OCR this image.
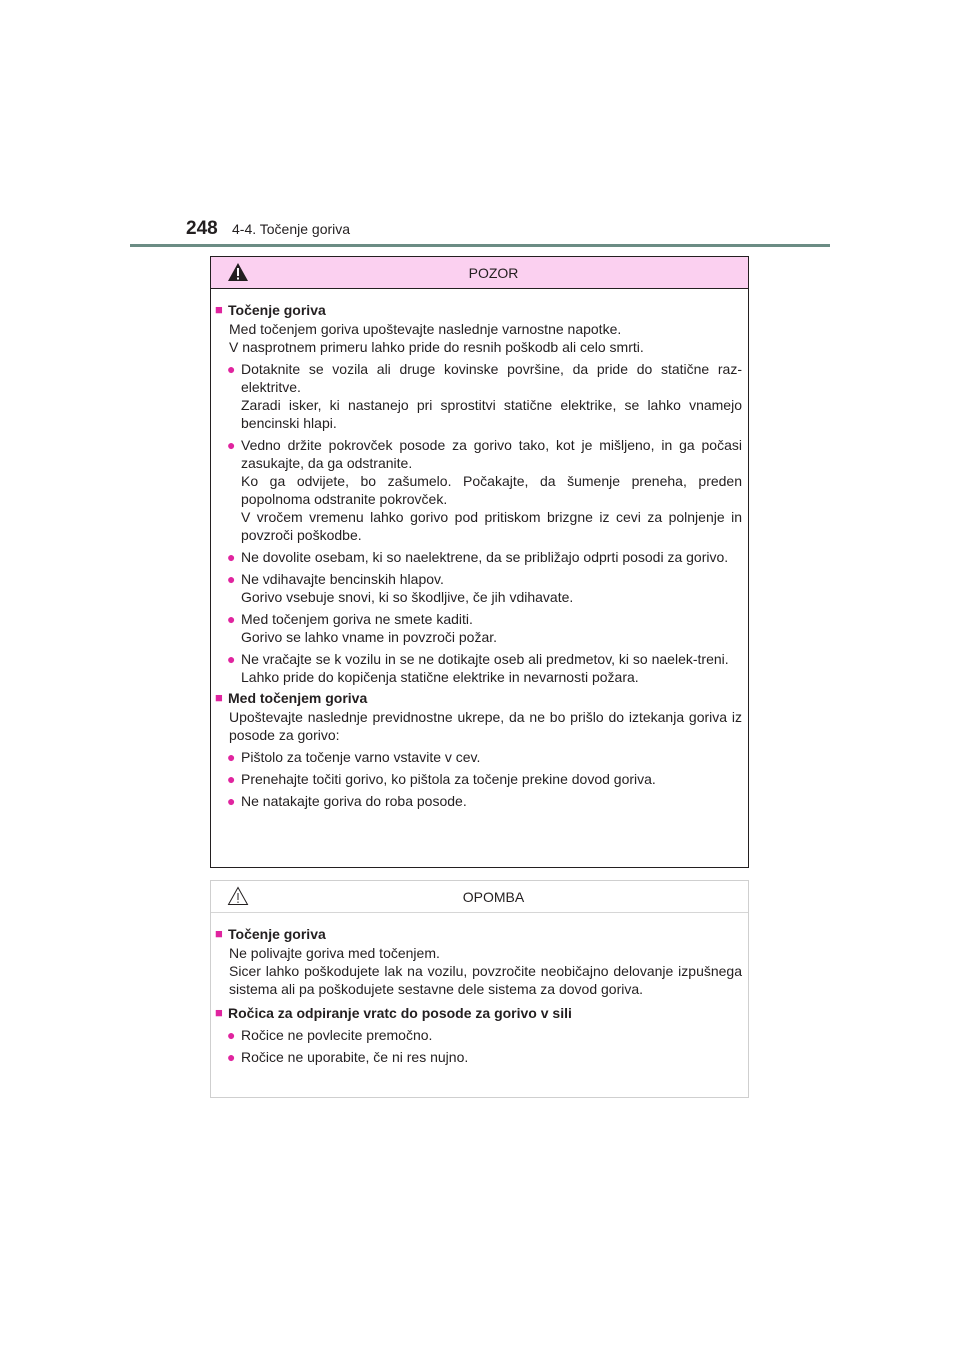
248 4-4. Točenje goriva
POZOR
■ Točenje goriva
Med točenjem goriva upoštevajte naslednje varnostne napotke.
V nasprotnem primeru lahko pride do resnih poškodb ali celo smrti.
● Dotaknite se vozila ali druge kovinske površine, da pride do statične raz-elektritve.
Zaradi isker, ki nastanejo pri sprostitvi statične elektrike, se lahko vnamejo bencinski hlapi.
● Vedno držite pokrovček posode za gorivo tako, kot je mišljeno, in ga počasi zasukajte, da ga odstranite.
Ko ga odvijete, bo zašumelo. Počakajte, da šumenje preneha, preden popolnoma odstranite pokrovček.
V vročem vremenu lahko gorivo pod pritiskom brizgne iz cevi za polnjenje in povzroči poškodbe.
● Ne dovolite osebam, ki so naelektrene, da se približajo odprti posodi za gorivo.
● Ne vdihavajte bencinskih hlapov.
Gorivo vsebuje snovi, ki so škodljive, če jih vdihavate.
● Med točenjem goriva ne smete kaditi.
Gorivo se lahko vname in povzroči požar.
● Ne vračajte se k vozilu in se ne dotikajte oseb ali predmetov, ki so naelek-treni.
Lahko pride do kopičenja statične elektrike in nevarnosti požara.
■ Med točenjem goriva
Upoštevajte naslednje previdnostne ukrepe, da ne bo prišlo do iztekanja goriva iz posode za gorivo:
● Pištolo za točenje varno vstavite v cev.
● Prenehajte točiti gorivo, ko pištola za točenje prekine dovod goriva.
● Ne natakajte goriva do roba posode.
OPOMBA
■ Točenje goriva
Ne polivajte goriva med točenjem.
Sicer lahko poškodujete lak na vozilu, povzročite neobičajno delovanje izpušnega sistema ali pa poškodujete sestavne dele sistema za dovod goriva.
■ Ročica za odpiranje vratc do posode za gorivo v sili
● Ročice ne povlecite premočno.
● Ročice ne uporabite, če ni res nujno.
